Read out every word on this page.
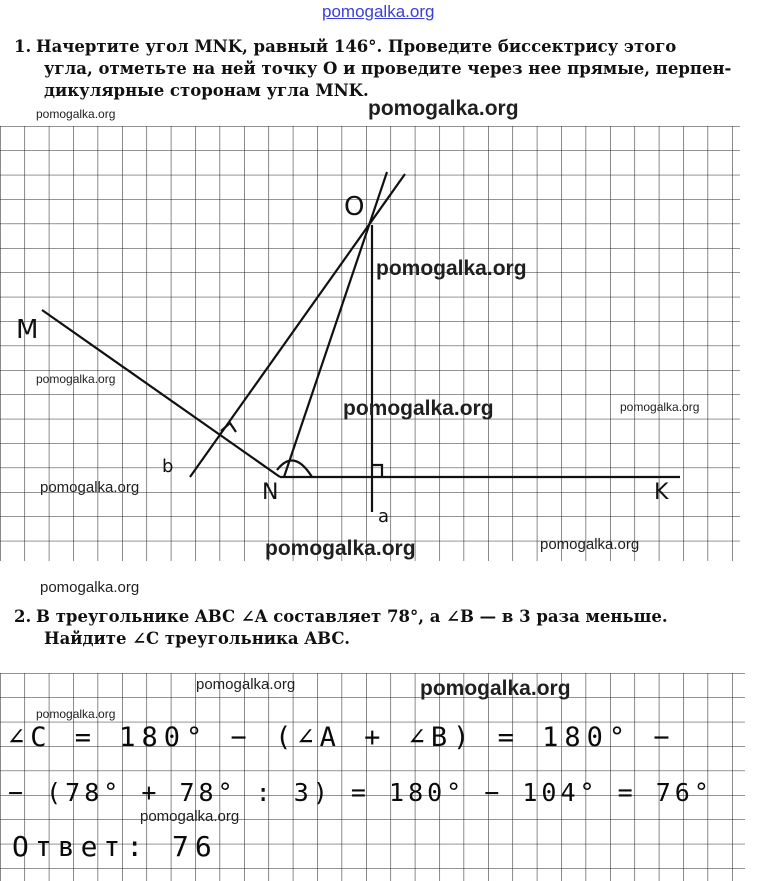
pomogalka.org
pomogalka.org	pomogalka.org
pomogalka.org
pomogalka.org
pomogalka.org	pomogalka.org
pomogalka.org
pomogalka.org	pomogalka.org
pomogalka.org
pomogalka.org	pomogalka.org
pomogalka.org
pomogalka.org
1. Начертите угол MNK, равный 146°. Проведите биссектрису этого
угла, отметьте на ней точку O и проведите через нее прямые, перпен-
дикулярные сторонам угла MNK.
M
O
N	K
a
b
2. В треугольнике ABC ∠A составляет 78°, а ∠B — в 3 раза меньше.
Найдите ∠C треугольника ABC.
∠C = 180° − (∠A + ∠B) = 180° −
− (78° + 78° : 3) = 180° − 104° = 76°
Ответ: 76
